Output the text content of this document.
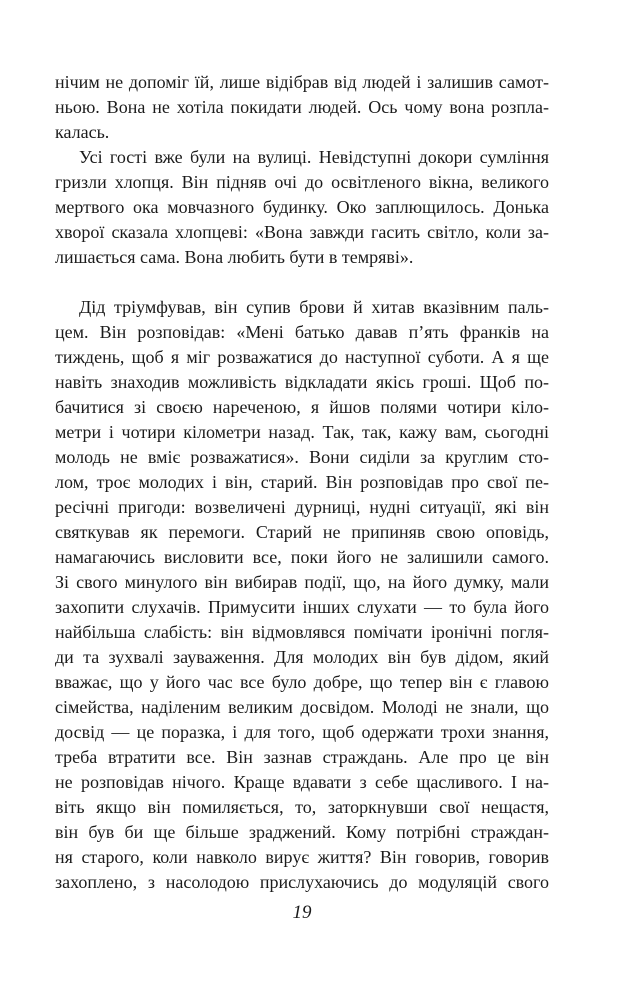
нічим не допоміг їй, лише відібрав від людей і залишив самот-
ньою. Вона не хотіла покидати людей. Ось чому вона розпла-
калась.
Усі гості вже були на вулиці. Невідступні докори сумління
гризли хлопця. Він підняв очі до освітленого вікна, великого
мертвого ока мовчазного будинку. Око заплющилось. Донька
хворої сказала хлопцеві: «Вона завжди гасить світло, коли за-
лишається сама. Вона любить бути в темряві».
Дід тріумфував, він супив брови й хитав вказівним паль-
цем. Він розповідав: «Мені батько давав п’ять франків на
тиждень, щоб я міг розважатися до наступної суботи. А я ще
навіть знаходив можливість відкладати якісь гроші. Щоб по-
бачитися зі своєю нареченою, я йшов полями чотири кіло-
метри і чотири кілометри назад. Так, так, кажу вам, сьогодні
молодь не вміє розважатися». Вони сиділи за круглим сто-
лом, троє молодих і він, старий. Він розповідав про свої пе-
ресічні пригоди: возвеличені дурниці, нудні ситуації, які він
святкував як перемоги. Старий не припиняв свою оповідь,
намагаючись висловити все, поки його не залишили самого.
Зі свого минулого він вибирав події, що, на його думку, мали
захопити слухачів. Примусити інших слухати — то була його
найбільша слабість: він відмовлявся помічати іронічні погля-
ди та зухвалі зауваження. Для молодих він був дідом, який
вважає, що у його час все було добре, що тепер він є главою
сімейства, наділеним великим досвідом. Молоді не знали, що
досвід — це поразка, і для того, щоб одержати трохи знання,
треба втратити все. Він зазнав страждань. Але про це він
не розповідав нічого. Краще вдавати з себе щасливого. І на-
віть якщо він помиляється, то, заторкнувши свої нещастя,
він був би ще більше зраджений. Кому потрібні страждан-
ня старого, коли навколо вирує життя? Він говорив, говорив
захоплено, з насолодою прислухаючись до модуляцій свого
19
